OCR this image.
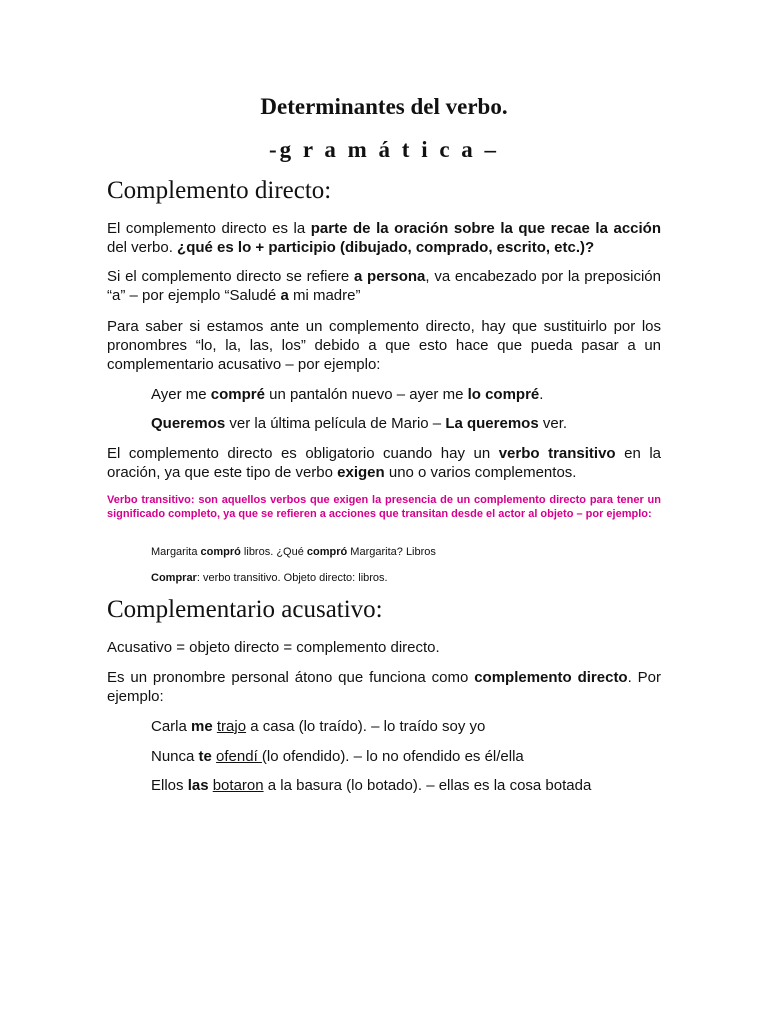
Determinantes del verbo.
-g r a m á t i c a –
Complemento directo:

El complemento directo es la parte de la oración sobre la que recae la acción del verbo. ¿qué es lo + participio (dibujado, comprado, escrito, etc.)?

Si el complemento directo se refiere a persona, va encabezado por la preposición “a” – por ejemplo “Saludé a mi madre”

Para saber si estamos ante un complemento directo, hay que sustituirlo por los pronombres “lo, la, las, los” debido a que esto hace que pueda pasar a un complementario acusativo – por ejemplo:

Ayer me compré un pantalón nuevo – ayer me lo compré.

Queremos ver la última película de Mario – La queremos ver.

El complemento directo es obligatorio cuando hay un verbo transitivo en la oración, ya que este tipo de verbo exigen uno o varios complementos.

Verbo transitivo: son aquellos verbos que exigen la presencia de un complemento directo para tener un significado completo, ya que se refieren a acciones que transitan desde el actor al objeto – por ejemplo:

Margarita compró libros. ¿Qué compró Margarita? Libros

Comprar: verbo transitivo. Objeto directo: libros.

Complementario acusativo:

Acusativo = objeto directo = complemento directo.

Es un pronombre personal átono que funciona como complemento directo. Por ejemplo:

Carla me trajo a casa (lo traído). – lo traído soy yo

Nunca te ofendí (lo ofendido). – lo no ofendido es él/ella

Ellos las botaron a la basura (lo botado). – ellas es la cosa botada
